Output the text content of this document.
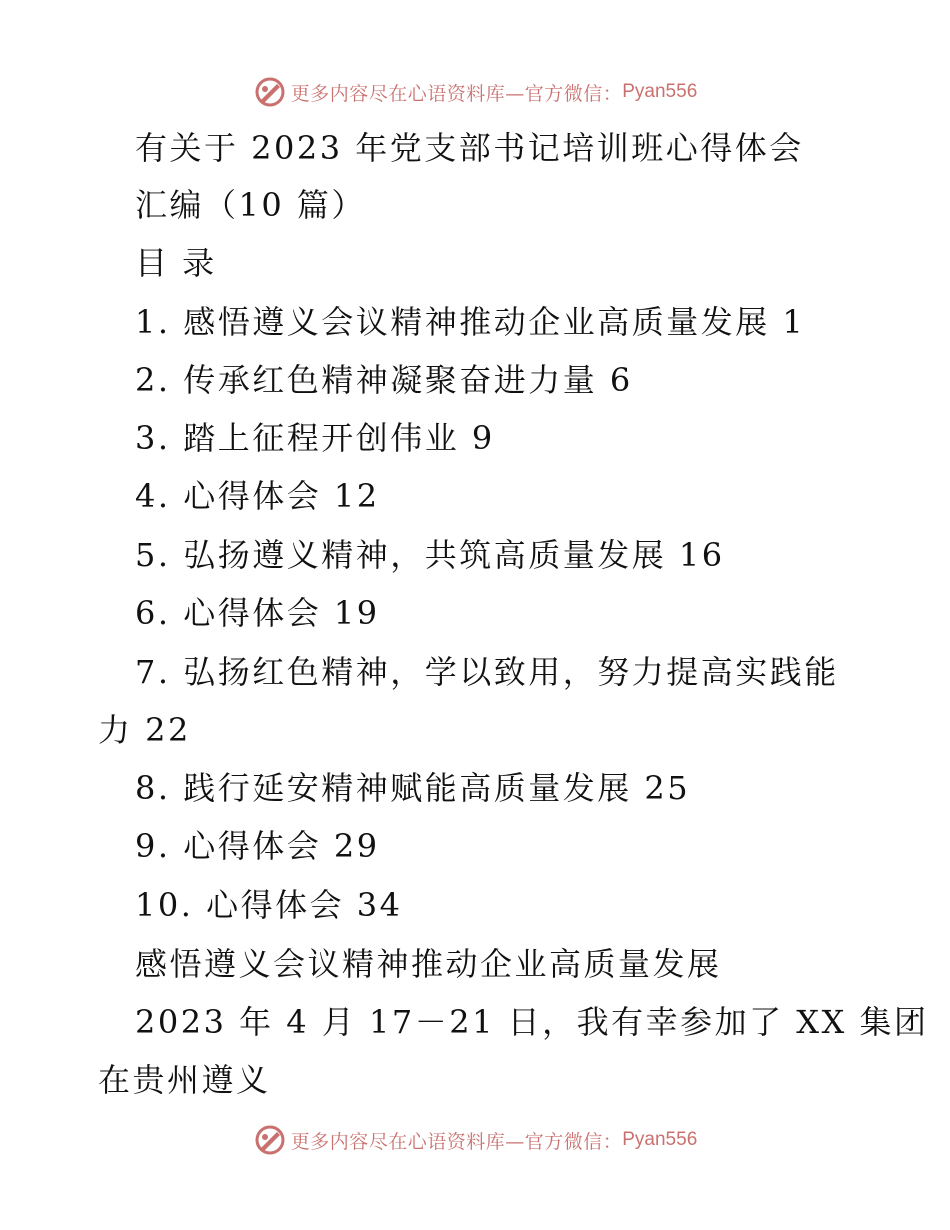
更多内容尽在心语资料库—官方微信： Pyan556
有关于 2023 年党支部书记培训班心得体会
汇编（10 篇）
目 录
1. 感悟遵义会议精神推动企业高质量发展 1
2. 传承红色精神凝聚奋进力量 6
3. 踏上征程开创伟业 9
4. 心得体会 12
5. 弘扬遵义精神，共筑高质量发展 16
6. 心得体会 19
7. 弘扬红色精神，学以致用，努力提高实践能
力 22
8. 践行延安精神赋能高质量发展 25
9. 心得体会 29
10. 心得体会 34
感悟遵义会议精神推动企业高质量发展
2023 年 4 月 17－21 日，我有幸参加了 XX 集团
在贵州遵义
更多内容尽在心语资料库—官方微信： Pyan556
